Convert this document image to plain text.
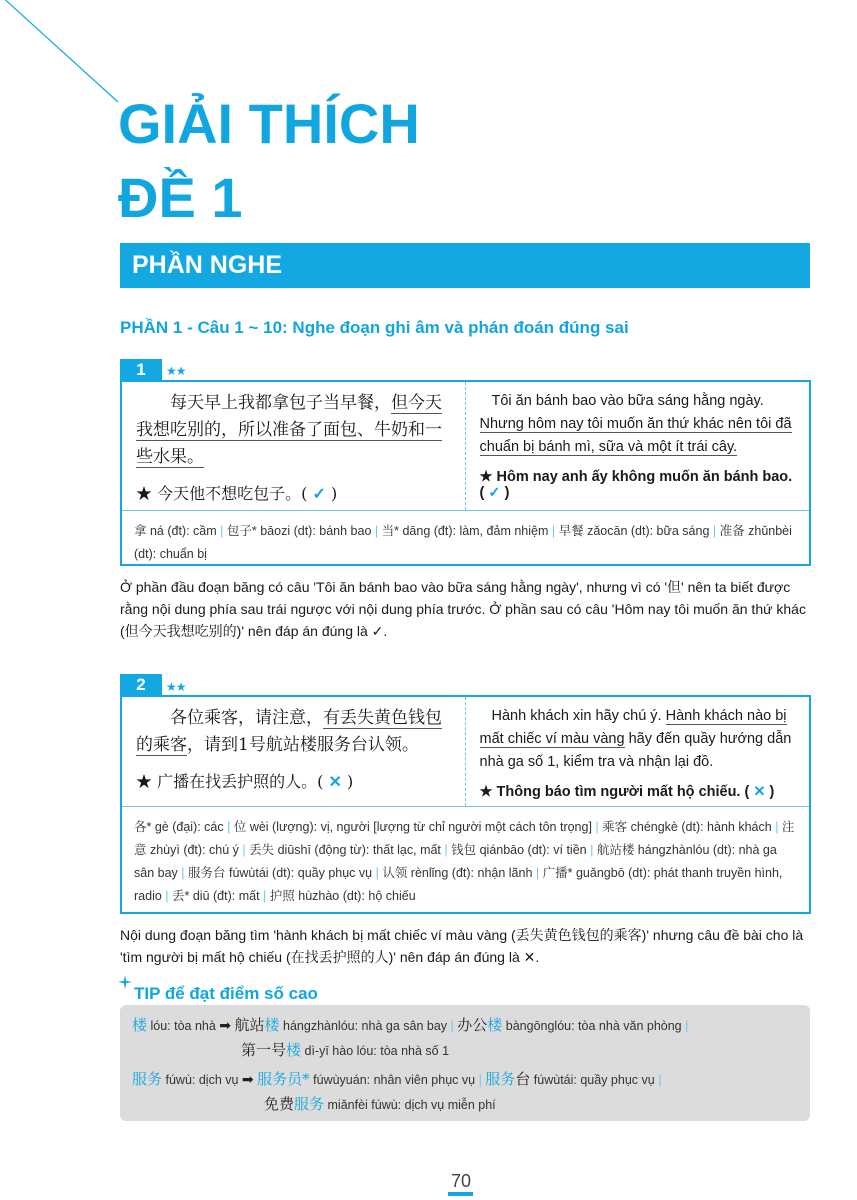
GIẢI THÍCH
ĐỀ 1
PHẦN NGHE
PHẦN 1 - Câu 1 ~ 10: Nghe đoạn ghi âm và phán đoán đúng sai
1	★★

每天早上我都拿包子当早餐，但今天我想吃别的，所以准备了面包、牛奶和一些水果。

★ 今天他不想吃包子。( ✓ )

Tôi ăn bánh bao vào bữa sáng hằng ngày. Nhưng hôm nay tôi muốn ăn thứ khác nên tôi đã chuẩn bị bánh mì, sữa và một ít trái cây.

★ Hôm nay anh ấy không muốn ăn bánh bao. ( ✓ )

拿 ná (đt): cầm | 包子* bāozi (dt): bánh bao | 当* dāng (đt): làm, đảm nhiệm | 早餐 zǎocān (dt): bữa sáng | 准备 zhǔnbèi (dt): chuẩn bị

Ở phần đầu đoạn băng có câu 'Tôi ăn bánh bao vào bữa sáng hằng ngày', nhưng vì có '但' nên ta biết được rằng nội dung phía sau trái ngược với nội dung phía trước. Ở phần sau có câu 'Hôm nay tôi muốn ăn thứ khác (但今天我想吃别的)' nên đáp án đúng là ✓.

2	★★

各位乘客，请注意，有丢失黄色钱包的乘客，请到1号航站楼服务台认领。

★ 广播在找丢护照的人。( ✕ )

Hành khách xin hãy chú ý. Hành khách nào bị mất chiếc ví màu vàng hãy đến quầy hướng dẫn nhà ga số 1, kiểm tra và nhận lại đồ.

★ Thông báo tìm người mất hộ chiếu. ( ✕ )

各* gè (đại): các | 位 wèi (lượng): vị, người [lượng từ chỉ người một cách tôn trọng] | 乘客 chéngkè (dt): hành khách | 注意 zhùyì (đt): chú ý | 丢失 diūshī (động từ): thất lạc, mất | 钱包 qiánbāo (dt): ví tiền | 航站楼 hángzhànlóu (dt): nhà ga sân bay | 服务台 fúwùtái (dt): quầy phục vụ | 认领 rènlǐng (đt): nhận lãnh | 广播* guǎngbō (dt): phát thanh truyền hình, radio | 丢* diū (đt): mất | 护照 hùzhào (dt): hộ chiếu

Nội dung đoạn băng tìm 'hành khách bị mất chiếc ví màu vàng (丢失黄色钱包的乘客)' nhưng câu đề bài cho là 'tìm người bị mất hộ chiếu (在找丢护照的人)' nên đáp án đúng là ✕.

TIP để đạt điểm số cao
楼 lóu: tòa nhà ➡ 航站楼 hángzhànlóu: nhà ga sân bay | 办公楼 bàngōnglóu: tòa nhà văn phòng |
第一号楼 dì-yī hào lóu: tòa nhà số 1
服务 fúwù: dịch vụ ➡ 服务员* fúwùyuán: nhân viên phục vụ | 服务台 fúwùtái: quầy phục vụ |
免费服务 miǎnfèi fúwù: dịch vụ miễn phí
70
